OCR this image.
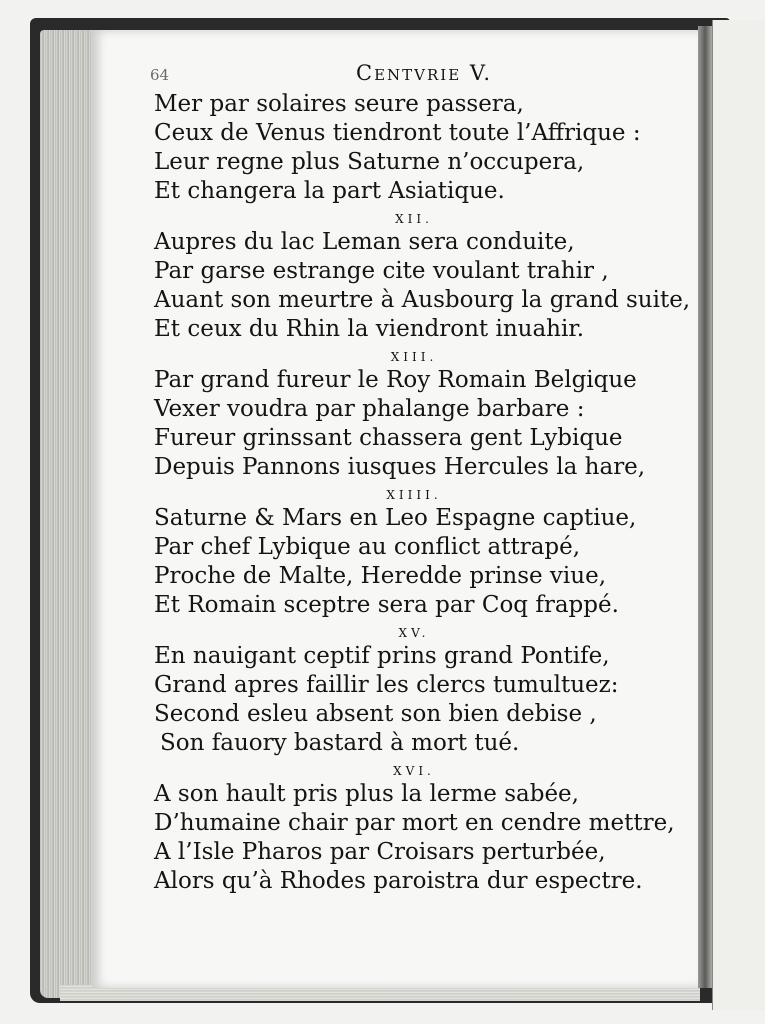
64	Centvrie V.
Mer par solaires seure passera,
Ceux de Venus tiendront toute l’Affrique :
Leur regne plus Saturne n’occupera,
Et changera la part Asiatique.
XII.
Aupres du lac Leman sera conduite,
Par garse estrange cite voulant trahir ,
Auant son meurtre à Ausbourg la grand suite,
Et ceux du Rhin la viendront inuahir.
XIII.
Par grand fureur le Roy Romain Belgique
Vexer voudra par phalange barbare :
Fureur grinssant chassera gent Lybique
Depuis Pannons iusques Hercules la hare,
XIIII.
Saturne & Mars en Leo Espagne captiue,
Par chef Lybique au conflict attrapé,
Proche de Malte, Heredde prinse viue,
Et Romain sceptre sera par Coq frappé.
XV.
En nauigant ceptif prins grand Pontife,
Grand apres faillir les clercs tumultuez:
Second esleu absent son bien debise ,
Son fauory bastard à mort tué.
XVI.
A son hault pris plus la lerme sabée,
D’humaine chair par mort en cendre mettre,
A l’Isle Pharos par Croisars perturbée,
Alors qu’à Rhodes paroistra dur espectre.
